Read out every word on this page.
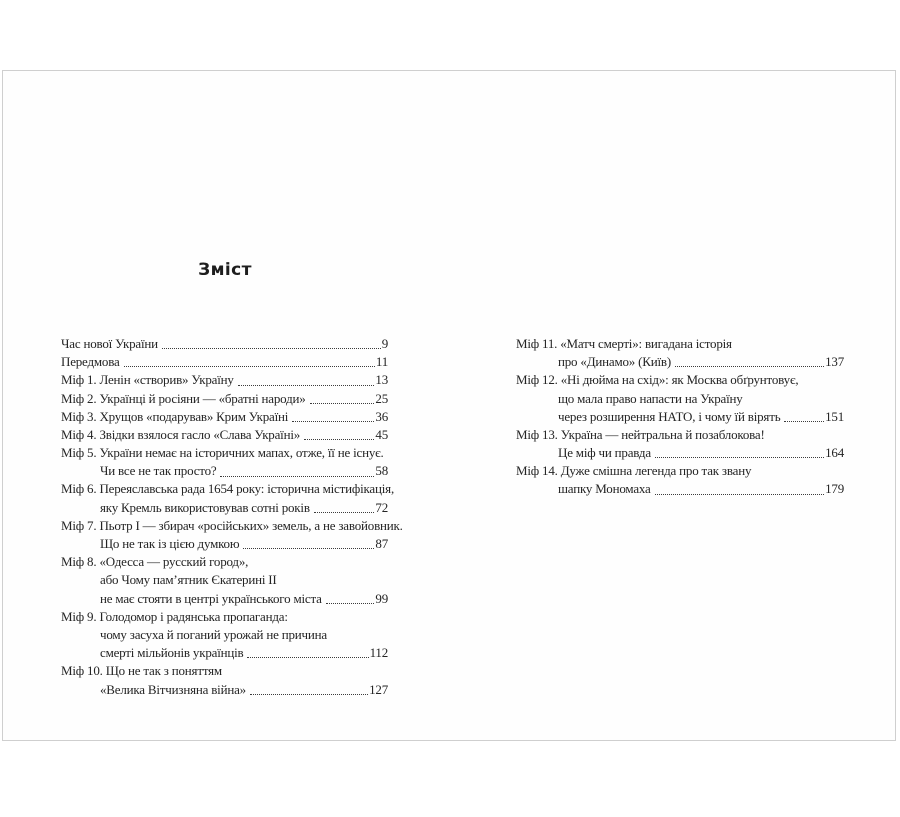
Зміст
Час нової України	9
Передмова	11
Міф 1. Ленін «створив» Україну	13
Міф 2. Українці й росіяни — «братні народи»	25
Міф 3. Хрущов «подарував» Крим Україні	36
Міф 4. Звідки взялося гасло «Слава Україні»	45
Міф 5. України немає на історичних мапах, отже, її не існує.
Чи все не так просто?	58
Міф 6. Переяславська рада 1654 року: історична містифікація,
яку Кремль використовував сотні років	72
Міф 7. Пьотр І — збирач «російських» земель, а не завойовник.
Що не так із цією думкою	87
Міф 8. «Одесса — русский город»,
або Чому пам’ятник Єкатерині ІІ
не має стояти в центрі українського міста	99
Міф 9. Голодомор і радянська пропаганда:
чому засуха й поганий урожай не причина
смерті мільйонів українців	112
Міф 10. Що не так з поняттям
«Велика Вітчизняна війна»	127
Міф 11. «Матч смерті»: вигадана історія
про «Динамо» (Київ)	137
Міф 12. «Ні дюйма на схід»: як Москва обґрунтовує,
що мала право напасти на Україну
через розширення НАТО, і чому їй вірять	151
Міф 13. Україна — нейтральна й позаблокова!
Це міф чи правда	164
Міф 14. Дуже смішна легенда про так звану
шапку Мономаха	179
